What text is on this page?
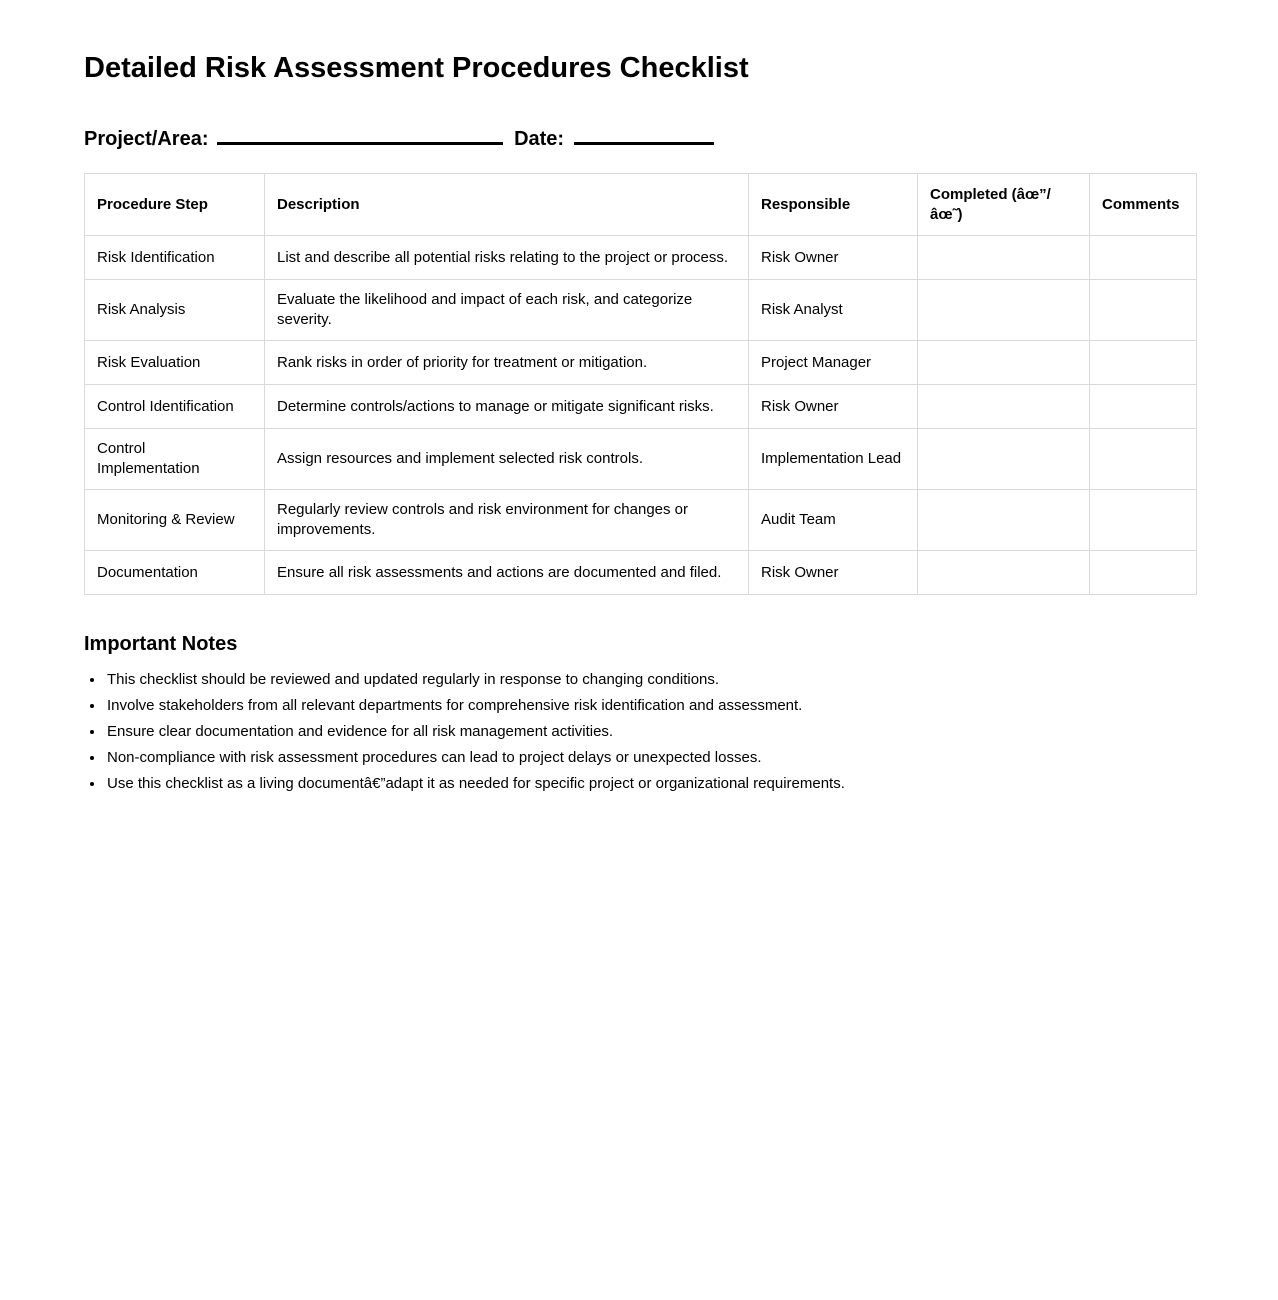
Detailed Risk Assessment Procedures Checklist
Project/Area:	Date:
Procedure Step	Description	Responsible	Completed (âœ”/âœ˜)	Comments
Risk Identification	List and describe all potential risks relating to the project or process.	Risk Owner		
Risk Analysis	Evaluate the likelihood and impact of each risk, and categorize severity.	Risk Analyst		
Risk Evaluation	Rank risks in order of priority for treatment or mitigation.	Project Manager		
Control Identification	Determine controls/actions to manage or mitigate significant risks.	Risk Owner		
Control Implementation	Assign resources and implement selected risk controls.	Implementation Lead		
Monitoring & Review	Regularly review controls and risk environment for changes or improvements.	Audit Team		
Documentation	Ensure all risk assessments and actions are documented and filed.	Risk Owner		
Important Notes
• This checklist should be reviewed and updated regularly in response to changing conditions.
• Involve stakeholders from all relevant departments for comprehensive risk identification and assessment.
• Ensure clear documentation and evidence for all risk management activities.
• Non-compliance with risk assessment procedures can lead to project delays or unexpected losses.
• Use this checklist as a living documentâ€”adapt it as needed for specific project or organizational requirements.
